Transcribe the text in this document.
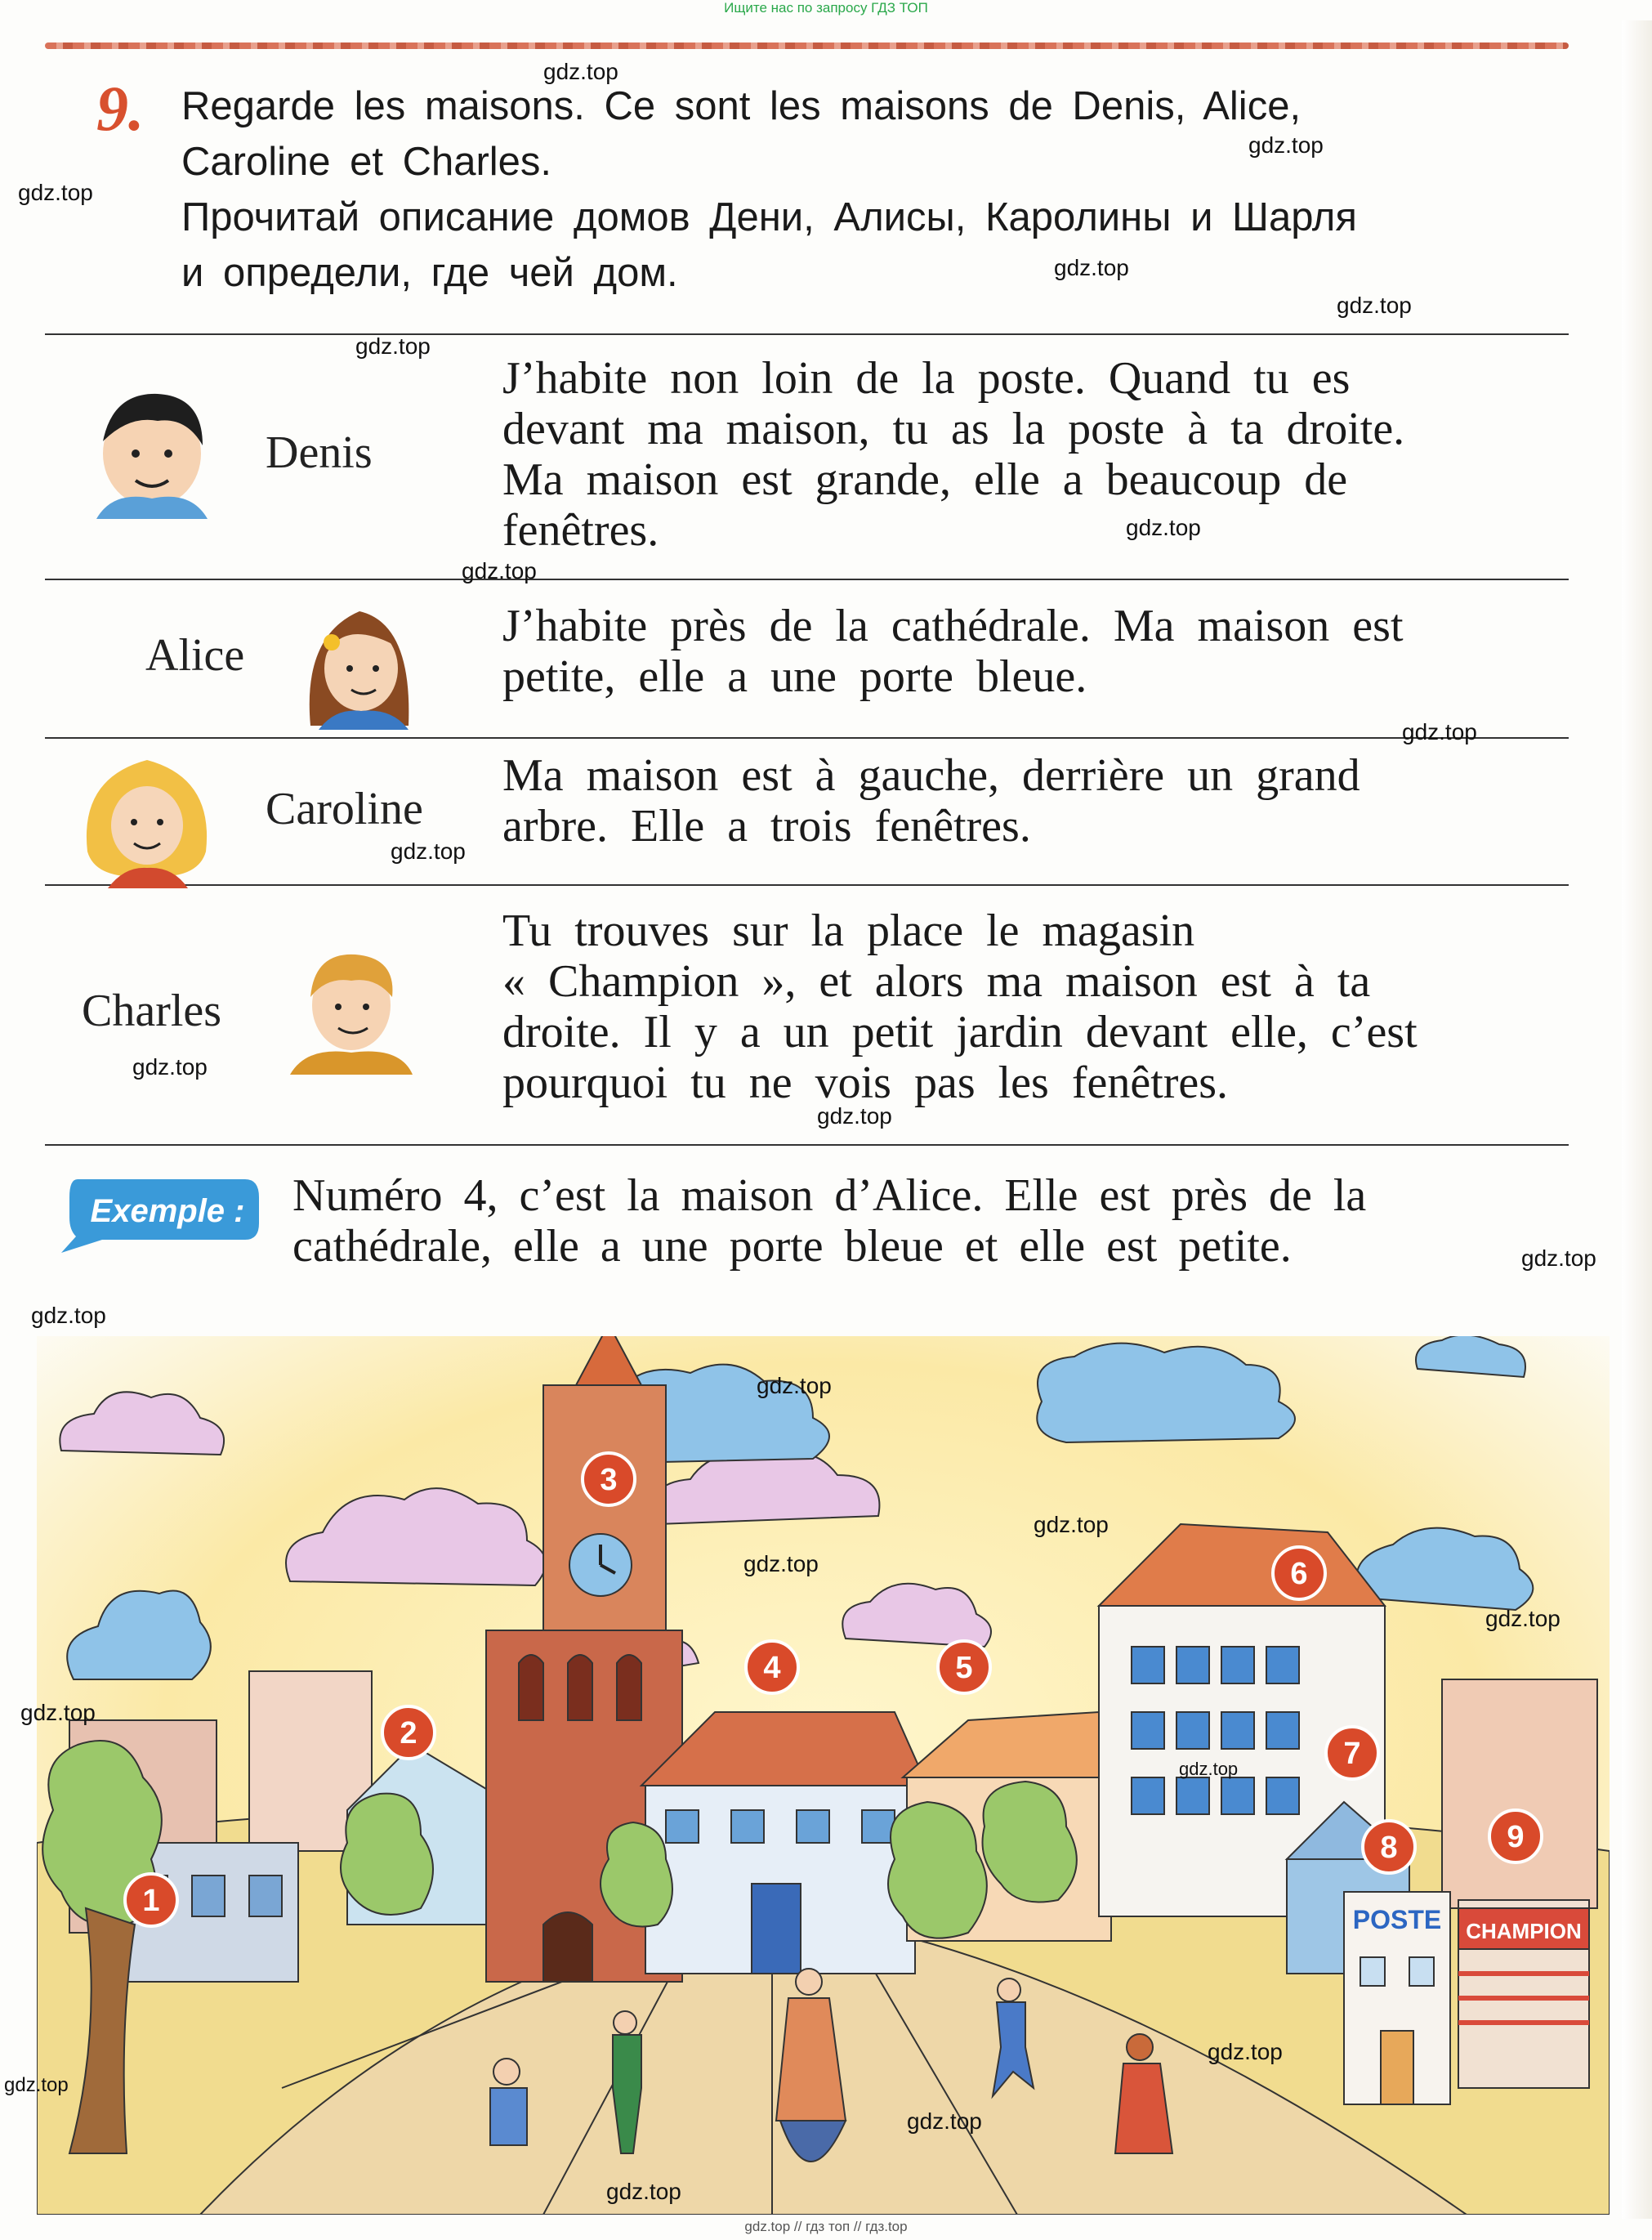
Ищите нас по запросу ГДЗ ТОП
9. Regarde les maisons. Ce sont les maisons de Denis, Alice,
Caroline et Charles.
Прочитай описание домов Дени, Алисы, Каролины и Шарля
и определи, где чей дом.
Denis
J’habite non loin de la poste. Quand tu es
devant ma maison, tu as la poste à ta droite.
Ma maison est grande, elle a beaucoup de
fenêtres.
Alice
J’habite près de la cathédrale. Ma maison est
petite, elle a une porte bleue.
Caroline
Ma maison est à gauche, derrière un grand
arbre. Elle a trois fenêtres.
Charles
Tu trouves sur la place le magasin
« Champion », et alors ma maison est à ta
droite. Il y a un petit jardin devant elle, c’est
pourquoi tu ne vois pas les fenêtres.
Exemple : Numéro 4, c’est la maison d’Alice. Elle est près de la
cathédrale, elle a une porte bleue et elle est petite.
POSTE CHAMPION
1
2
3
4	5
6
7
8	9
gdz.top
gdz.top
gdz.top
gdz.top
gdz.top
gdz.top
gdz.top
gdz.top
gdz.top
gdz.top
gdz.top
gdz.top
gdz.top
gdz.top
gdz.top
gdz.top
gdz.top
gdz.top
gdz.top
gdz.top
gdz.top
gdz.top
gdz.top
gdz.top
gdz.top // гдз топ // гдз.top
